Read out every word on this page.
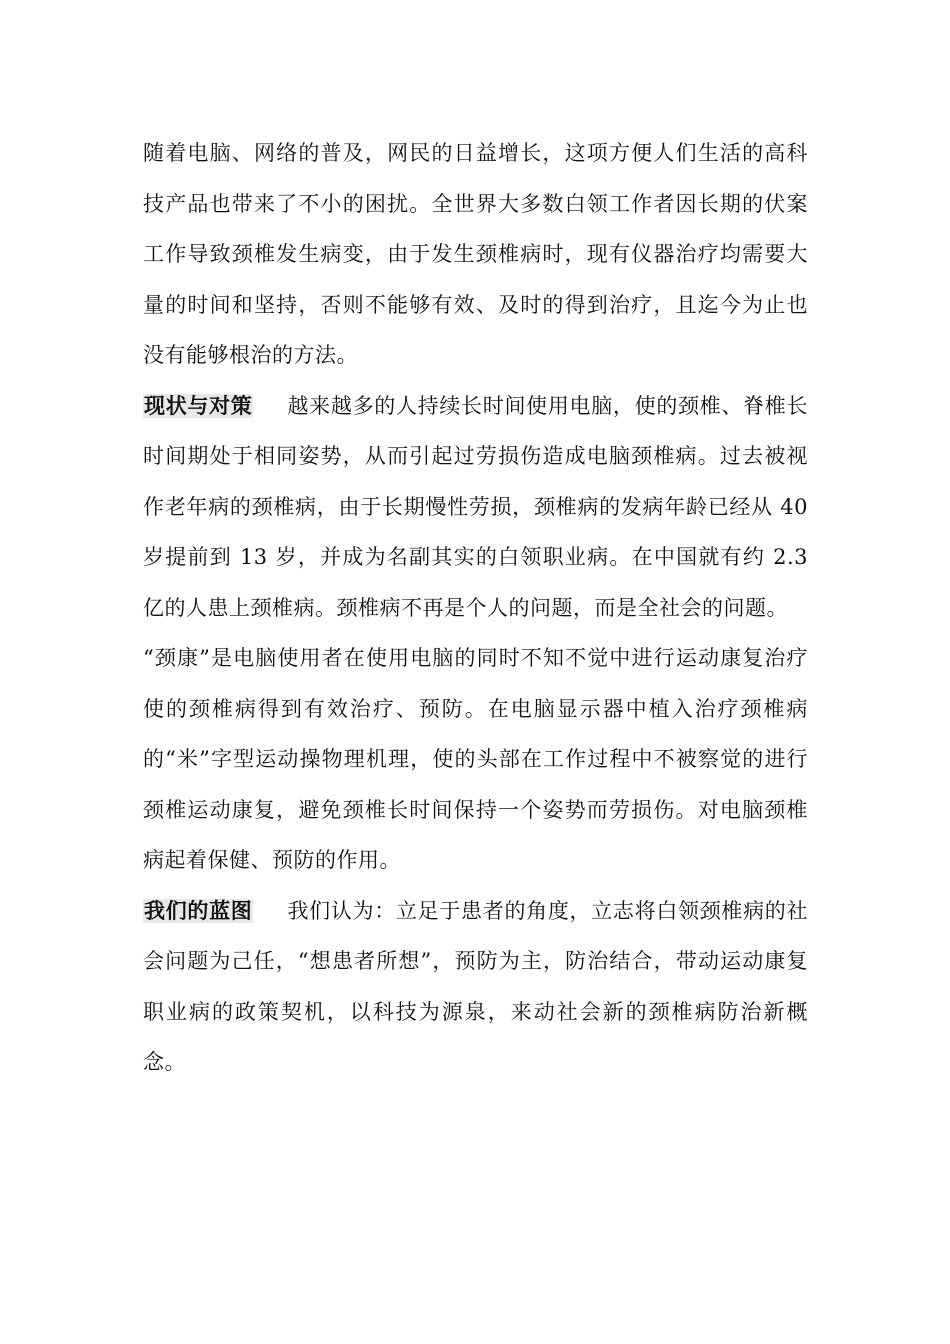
随着电脑、网络的普及，网民的日益增长，这项方便人们生活的高科技产品也带来了不小的困扰。全世界大多数白领工作者因长期的伏案工作导致颈椎发生病变，由于发生颈椎病时，现有仪器治疗均需要大量的时间和坚持，否则不能够有效、及时的得到治疗，且迄今为止也没有能够根治的方法。

现状与对策 越来越多的人持续长时间使用电脑，使的颈椎、脊椎长时间期处于相同姿势，从而引起过劳损伤造成电脑颈椎病。过去被视作老年病的颈椎病，由于长期慢性劳损，颈椎病的发病年龄已经从 40 岁提前到 13 岁，并成为名副其实的白领职业病。在中国就有约 2.3 亿的人患上颈椎病。颈椎病不再是个人的问题，而是全社会的问题。

“颈康”是电脑使用者在使用电脑的同时不知不觉中进行运动康复治疗使的颈椎病得到有效治疗、预防。在电脑显示器中植入治疗颈椎病的“米”字型运动操物理机理，使的头部在工作过程中不被察觉的进行颈椎运动康复，避免颈椎长时间保持一个姿势而劳损伤。对电脑颈椎病起着保健、预防的作用。

我们的蓝图 我们认为：立足于患者的角度，立志将白领颈椎病的社会问题为己任，“想患者所想”，预防为主，防治结合，带动运动康复职业病的政策契机，以科技为源泉，来动社会新的颈椎病防治新概念。
